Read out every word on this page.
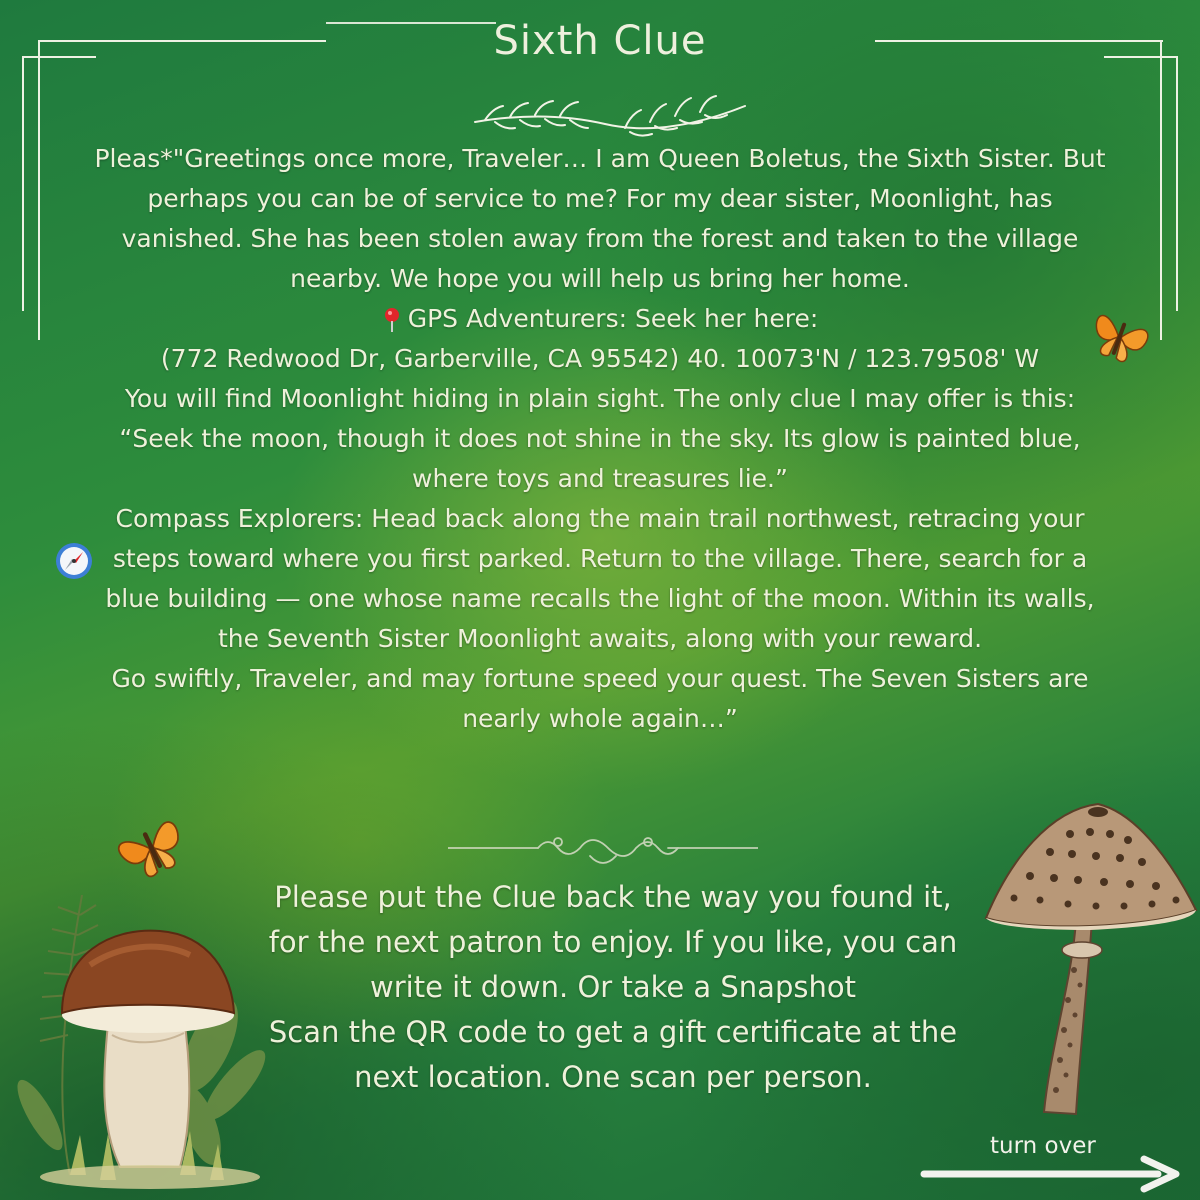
Sixth Clue

Pleas*"Greetings once more, Traveler… I am Queen Boletus, the Sixth Sister. But perhaps you can be of service to me? For my dear sister, Moonlight, has vanished. She has been stolen away from the forest and taken to the village nearby. We hope you will help us bring her home.

GPS Adventurers: Seek her here:

(772 Redwood Dr, Garberville, CA 95542) 40. 10073'N / 123.79508' W

You will find Moonlight hiding in plain sight. The only clue I may offer is this: “Seek the moon, though it does not shine in the sky. Its glow is painted blue, where toys and treasures lie.”

Compass Explorers: Head back along the main trail northwest, retracing your steps toward where you first parked. Return to the village. There, search for a blue building — one whose name recalls the light of the moon. Within its walls, the Seventh Sister Moonlight awaits, along with your reward.

Go swiftly, Traveler, and may fortune speed your quest. The Seven Sisters are nearly whole again…”

Please put the Clue back the way you found it, for the next patron to enjoy. If you like, you can write it down. Or take a Snapshot

Scan the QR code to get a gift certificate at the next location. One scan per person.

turn over
